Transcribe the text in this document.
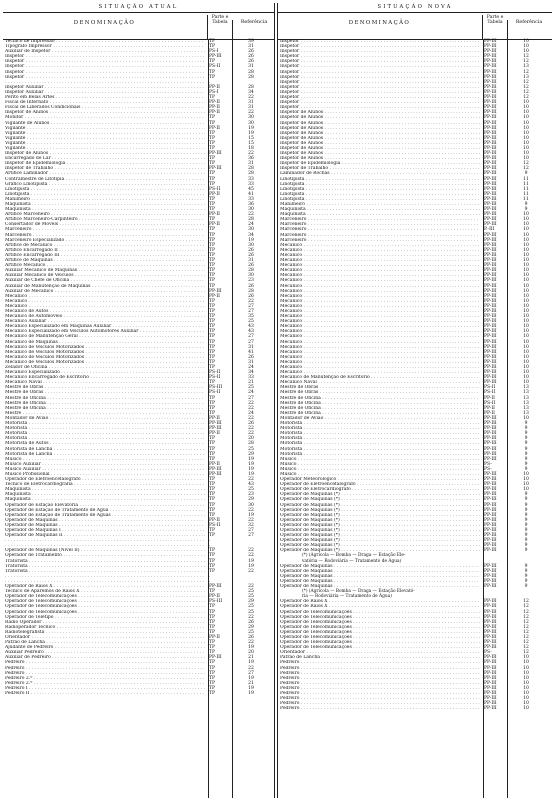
SITUAÇÃO ATUAL
DENOMINAÇÃO
Parte e Tabela	Referência
Técnico de Impressão . . .	TP	39
Tipógrafo Impressor . . .	TP	31
Auxiliar de Inspetor . . .	PS-I	26
Inspetor . . .	PP-III	26
Inspetor . . .	TP	26
Inspetor . . .	PS-II	31
Inspetor . . .	TP	28
Inspetor . . .	TP	28
. . .
.
Inspetor Auxiliar . . .	PP-II	28
Inspetor Auxiliar . . .	PS-I	34
Perito em Belas Artes . . .	TP	22
Fiscal de Internato . . .	PP-II	31
Fiscal de Liberados Condicionais . . .	PP-II	31
Inspetor de Alunos . . .	PP-II	22
Monitor . . .	TP	30
Vigilante de Alunos . . .	TP	30
Vigilante . . .	PP-II	19
Vigilante . . .	TP	19
Vigilante . . .	TP	15
Vigilante . . .	TP	15
Vigilante . . .	TP	18
Inspetor de Alunos . . .	PP-III	22
Encarregado de Lar . . .	TP	36
Inspetor de Epidemiologia . . .	TP	31
Inspetor de Trabalho . . .	PP-III	28
Artífice Laminador . . .	TP	28
Contramestre de Litotipia . . .	TP	33
Gráfico Linotipista . . .	TP	33
Linotipista . . .	PS-II	45
Linotipista . . .	PP-II	41
Manilheiro . . .	TP	33
Maquinista . . .	TP	36
Maquinista . . .	TP	30
Artífice Marceneiro . . .	PP-II	22
Artífice Marceneiro-Carpinteiro . . .	TP	28
Consertador de Móvels . . .	PP-II	24
Marceneiro . . .	TP	30
Marceneiro . . .	TP	34
Marceneiro Especializado . . .	TP	19
Artífice de Mecânico . . .	TP	30
Artífice Encarregado II . . .	TP	26
Artífice Encarregado III . . .	TP	26
Artífice de Máquinas . . .	TP	31
Artífice Mecânico . . .	TP	26
Auxiliar Mecânico de Máquinas . . .	TP	28
Auxiliar Mecânico de Veículos . . .	TP	30
Auxiliar de Chefe de Oficina . . .	TP	23
Auxiliar de Manutenção de Máquinas . . .	TP	26
Auxiliar de Mecânico . . .	PP-III	28
Mecânico . . .	PP-II	26
Mecânico . . .	TP	22
Mecânico . . .	TP	27
Mecânico de Autos . . .	TP	27
Mecânico de Automóveis . . .	TP	35
Mecânico Auxiliar . . .	TP	25
Mecânico Especializado em Máquinas Auxiliar . . .	TP	43
Mecânico Especializado em Veículos Automotores Auxiliar . . .	TP	43
Mecânico de Manutenção Geral . . .	TP	27
Mecânico de Máquinas . . .	TP	27
Mecânico de Veículos Motorizados . . .	TP	31
Mecânico de Veículos Motorizados . . .	TP	41
Mecânico de Veículos Motorizados . . .	TP	26
Mecânico de Veículos Motorizados . . .	TP	31
Zelador de Oficina . . .	TP	24
Mecânico Especializado . . .	PS-II	34
Mecânico Encarregado de Escritório . . .	PS-II	33
Mecânico Naval . . .	TP	21
Mestre de Obras . . .	PS-III	25
Mestre de Obras . . .	PS-II	24
Mestre de Oficina . . .	TP	27
Mestre de Oficina . . .	TP	22
Mestre de Oficina . . .	TP	22
Mestre . . .	TP	24
Montador de Avião . . .	PP-II	22
Motorista . . .	PP-III	26
Motorista . . .	PP-III	22
Motorista . . .	PP-II	22
Motorista . . .	TP	20
Motorista de Autos . . .	TP	28
Motorista de Lancha . . .	TP	25
Motorista de Lancha . . .	TP	29
Músico . . .	TP	19
Músico Auxiliar . . .	PP-II	19
Músico Auxiliar . . .	PP-III	19
Músico Profissional . . .	PP-III	19
Operador de Eletroencefalógrafo . . .	TP	22
Técnico de Eletrocardiografia . . .	TP	43
Maquinista . . .	TP	25
Maquinista . . .	TP	23
Maquinista . . .	TP	29
Operador de Estação Elevatória . . .	TP	30
Operador de Estação de Tratamento de Água . . .	TP	22
Operador de Estação de Tratamento de Águas . . .	TP	19
Operador de Máquinas . . .	PP-II	22
Operador de Máquinas . . .	PS-II	32
Operador de Máquinas I . . .	TP	27
Operador de Máquinas II . . .	TP	27
. . .
.
. . .
.
Operador de Máquinas (Nível II) . . .	TP	22
Operador de Tratamento . . .	TP	22
Tratorista . . .	TP	19
Tratorista . . .	TP	19
Tratorista . . .	TP	22
. . .
.
. . .
.
Operador de Raios X . . .	PP-III	22
Técnico de Aparelhos de Raios X . . .	TP	25
Operador de Telecomunicações . . .	PP-II	25
Operador de Telecomunicações . . .	PS-III	29
Operador de Telecomunicações . . .	TP	25
Operador de Telecomunicações . . .	TP	25
Operador de Teletipo . . .	TP	22
Rádio Operador . . .	TP	26
Radioperador Técnico . . .	TP	29
Radiotelegrafista . . .	TP	25
Orientador . . .	PP-II	26
Patrão de Lancha . . .	TP	22
Ajudante de Pedreiro . . .	TP	19
Auxiliar Pedreiro . . .	TP	20
Auxiliar de Pedreiro . . .	PP-III	21
Pedreiro . . .	TP	19
Pedreiro . . .	TP	22
Pedreiro . . .	TP	27
Pedreiro 2.ª . . .	TP	19
Pedreiro 2.ª . . .	TP	21
Pedreiro I . . .	TP	19
Pedreiro II . . .	TP	19
SITUAÇÃO NOVA
DENOMINAÇÃO
Parte e Tabela	Referência
Inspetor . . .	PP-III	10
Inspetor . . .	PP-III	10
Inspetor . . .	PP-III	10
Inspetor . . .	PP-III	12
Inspetor . . .	PP-III	12
Inspetor . . .	PP-III	13
Inspetor . . .	PP-III	12
Inspetor . . .	PP-III	13
Inspetor . . .	PP-III	12
Inspetor . . .	PP-III	12
Inspetor . . .	PP-III	12
Inspetor . . .	PP-III	12
Inspetor . . .	PP-III	10
Inspetor . . .	PP-III	10
Inspetor de Alunos . . .	PP-III	10
Inspetor de Alunos . . .	PP-III	10
Inspetor de Alunos . . .	PP-III	10
Inspetor de Alunos . . .	PP-III	10
Inspetor de Alunos . . .	PP-III	10
Inspetor de Alunos . . .	PP-III	10
Inspetor de Alunos . . .	PP-III	10
Inspetor de Alunos . . .	PP-III	10
Inspetor de Alunos . . .	PP-III	10
Inspetor de Alunos . . .	PP-III	10
Inspetor de Epidemiologia . . .	PP-III	12
Inspetor de Trabalho . . .	PP-III	12
Laminador de Rochas . . .	PP-III	9
Linotipista . . .	PP-III	11
Linotipista . . .	PP-III	11
Linotipista . . .	PP-III	11
Linotipista . . .	PP-III	11
Linotipista . . .	PP-III	11
Manilheiro . . .	PP-III	9
Maquinista . . .	PP-III	9
Maquinista . . .	PP-III	10
Marceneiro . . .	PP-III	10
Marceneiro . . .	PP-III	10
Marceneiro . . .	P.-III	10
Marceneiro . . .	PP-III	10
Marceneiro . . .	PP-III	10
Mecânico . . .	PP-III	10
Mecânico . . .	PP-III	10
Mecânico . . .	PP-III	10
Mecânico . . .	PP-III	10
Mecânico . . .	PP-III	10
Mecânico . . .	PP-III	10
Mecânico . . .	PP-III	10
Mecânico . . .	PP-III	10
Mecânico . . .	PP-III	10
Mecânico . . .	PP-III	10
Mecânico . . .	PP-III	10
Mecânico . . .	PP-III	10
Mecânico . . .	PP-III	10
Mecânico . . .	PP-III	10
Mecânico . . .	PP-III	10
Mecânico . . .	PP-III	10
Mecânico . . .	PP-III	10
Mecânico . . .	PP-III	10
Mecânico . . .	PP-III	10
Mecânico . . .	PP-III	10
Mecânico . . .	PP-III	10
Mecânico . . .	PP-III	10
Mecânico . . .	PP-III	10
Mecânico . . .	PP-III	10
Mecânico . . .	PP-III	10
Mecânico . . .	PP-III	10
Mecânico de Manutenção de Escritório . . .	PP-III	10
Mecânico Naval . . .	PP-III	10
Mestre de Obras . . .	PS-II	13
Mestre de Obras . . .	PS-II	13
Mestre de Oficina . . .	PP-II	13
Mestre de Oficina . . .	PS-II	13
Mestre de Oficina . . .	PP-II	13
Mestre de Oficina . . .	PP-II	13
Montador de Avião . . .	PP-III	10
Motorista . . .	PP-III	9
Motorista . . .	PP-III	9
Motorista . . .	PP-III	9
Motorista . . .	PP-III	9
Motorista . . .	PP-III	9
Motorista . . .	PP-III	9
Motorista . . .	PP-III	9
Músico . . .	PP-III	9
Músico . . .	PS-	9
Músico . . .	PS-	9
Músico . . .	PP-III	10
Operador Meteorológico . . .	PP-III	10
Operador de Eletroencefalógrafo . . .	PP-III	10
Operador de Eletrocardiógrafo . . .	PP-III	10
Operador de Máquinas (*) . . .	PP-III	9
Operador de Máquinas (*) . . .	PP-III	9
Operador de Máquinas (*) . . .	PP-III	9
Operador de Máquinas (*) . . .	PP-III	9
Operador de Máquinas (*) . . .	PP-III	9
Operador de Máquinas (*) . . .	PP-III	9
Operador de Máquinas (*) . . .	PP-III	9
Operador de Máquinas (*) . . .	PP-III	9
Operador de Máquinas (*) . . .	PP-III	9
Operador de Máquinas (*) . . .	PP-III	9
Operador de Máquinas (*) . . .	PP-III	9
Operador de Máquinas (*) . . .	PP-III	9
(*) (Agrícola — Bomba — Draga — Estação Ele-
vatória — Rodoviária — Tratamento de Água)
Operador de Máquinas . . .	PP-III	9
Operador de Máquinas . . .	PP-III	9
Operador de Máquinas . . .	PP-III	9
Operador de Máquinas . . .	PP-III	9
Operador de Máquinas . . .	PP-III	9
(*) (Agrícola — Bomba — Draga — Estação Elevató-
ria — Rodoviária — Tratamento de Água)
Operador de Raios X . . .	PP-III	12
Operador de Raios X . . .	PP-III	12
Operador de Telecomunicações . . .	PP-III	12
Operador de Telecomunicações . . .	PP-III	12
Operador de Telecomunicações . . .	PP-III	12
Operador de Telecomunicações . . .	PP-III	12
Operador de Telecomunicações . . .	PP-III	12
Operador de Telecomunicações . . .	PP-III	12
Operador de Telecomunicações . . .	PP-III	12
Operador de Telecomunicações . . .	PP-III	12
Orientador . . .	PS-	12
Patrão de Lancha . . .	PP-III	10
Pedreiro . . .	PP-III	10
Pedreiro . . .	PP-III	10
Pedreiro . . .	PP-III	10
Pedreiro . . .	PP-III	10
Pedreiro . . .	PP-III	10
Pedreiro . . .	PP-III	10
Pedreiro . . .	PP-III	10
Pedreiro . . .	PP-III	10
Pedreiro . . .	PP-III	10
Pedreiro . . .	PP-III	10
